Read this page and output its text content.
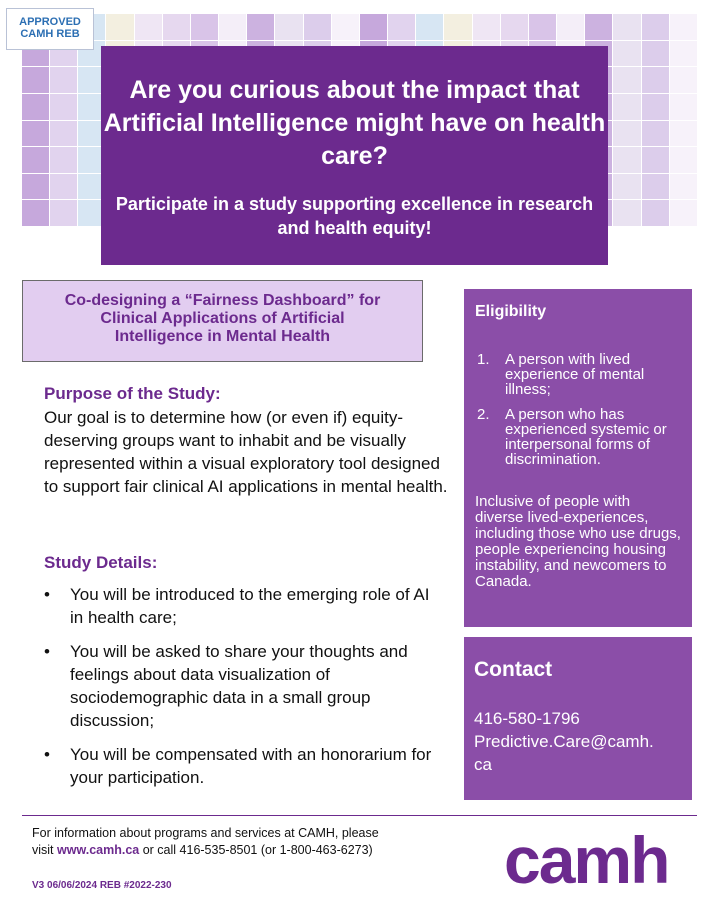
APPROVED
CAMH REB
Are you curious about the impact that Artificial Intelligence might have on health care?

Participate in a study supporting excellence in research and health equity!

Co-designing a “Fairness Dashboard” for Clinical Applications of Artificial Intelligence in Mental Health
Purpose of the Study:
Our goal is to determine how (or even if) equity-deserving groups want to inhabit and be visually represented within a visual exploratory tool designed to support fair clinical AI applications in mental health.
Study Details:
• You will be introduced to the emerging role of AI in health care;
• You will be asked to share your thoughts and feelings about data visualization of sociodemographic data in a small group discussion;
• You will be compensated with an honorarium for your participation.
Eligibility
1. A person with lived experience of mental illness;
2. A person who has experienced systemic or interpersonal forms of discrimination.
Inclusive of people with diverse lived-experiences, including those who use drugs, people experiencing housing instability, and newcomers to Canada.
Contact
416-580-1796
Predictive.Care@camh.
ca
For information about programs and services at CAMH, please
visit www.camh.ca or call 416-535-8501 (or 1-800-463-6273)
V3 06/06/2024 REB #2022-230	camh
